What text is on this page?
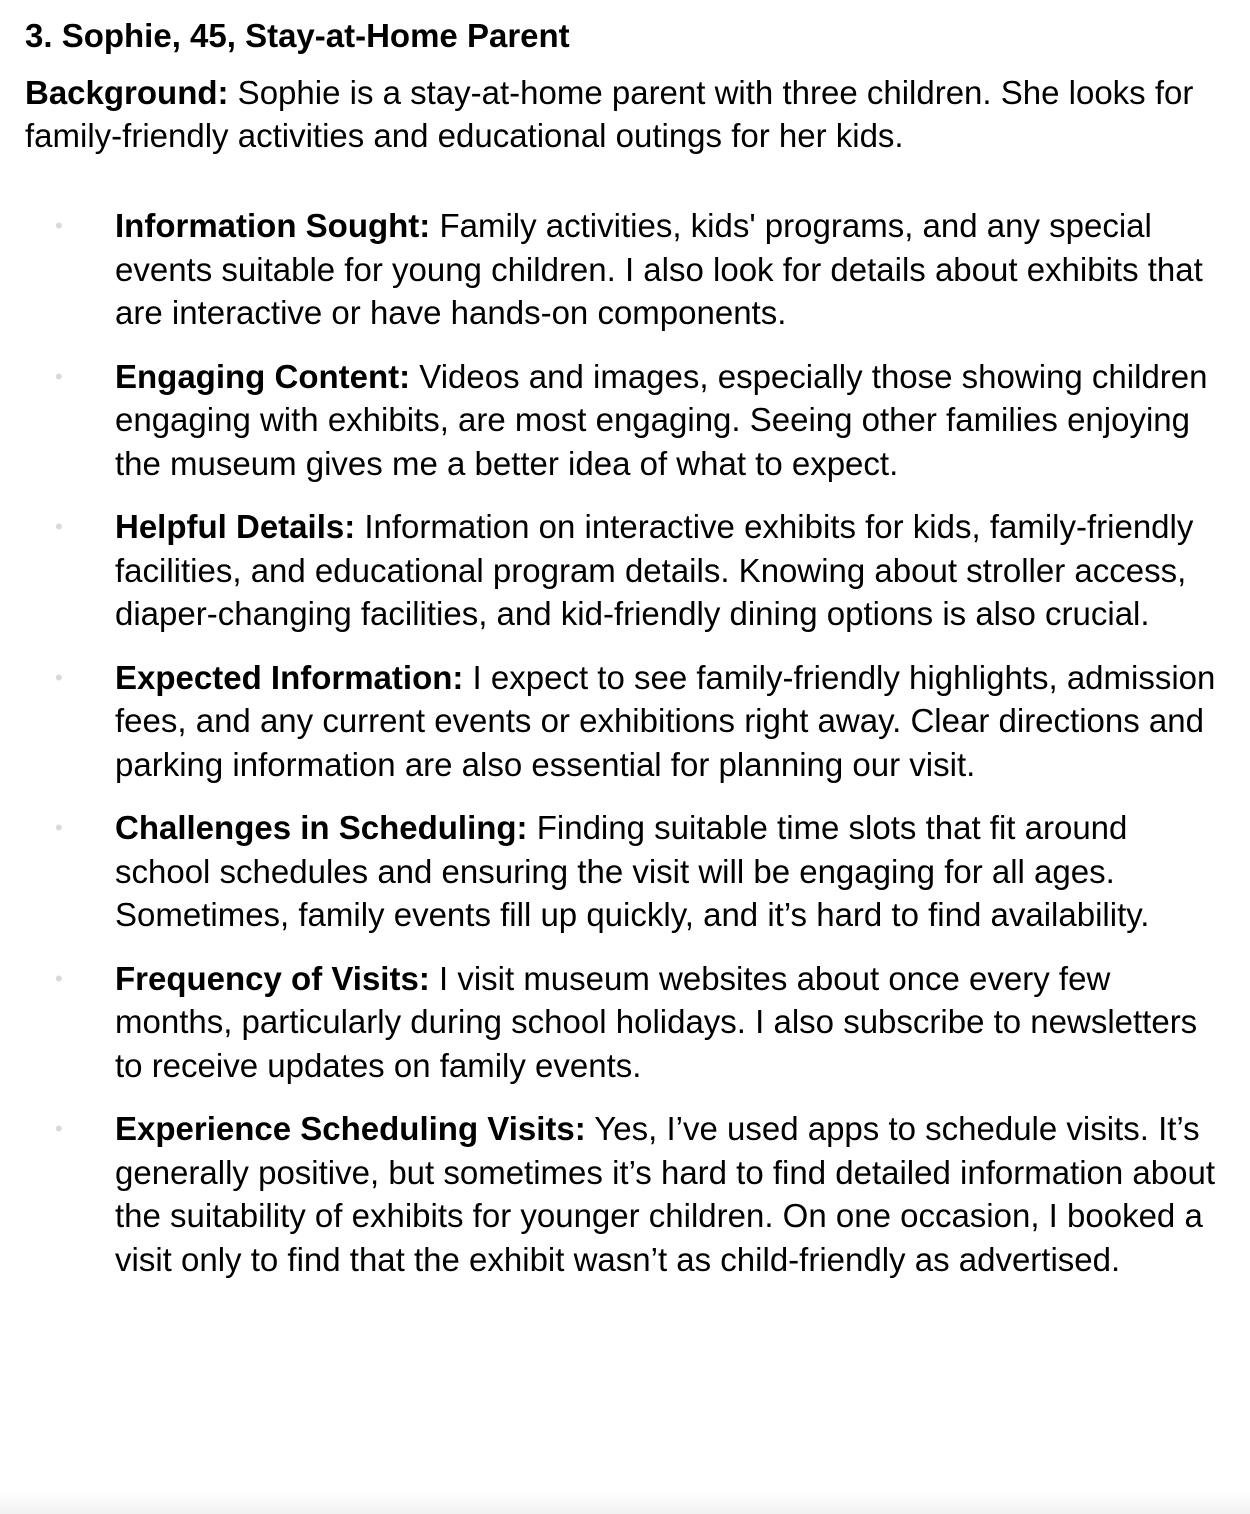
3. Sophie, 45, Stay-at-Home Parent

Background: Sophie is a stay-at-home parent with three children. She looks for family-friendly activities and educational outings for her kids.

• Information Sought: Family activities, kids' programs, and any special events suitable for young children. I also look for details about exhibits that are interactive or have hands-on components.
• Engaging Content: Videos and images, especially those showing children engaging with exhibits, are most engaging. Seeing other families enjoying the museum gives me a better idea of what to expect.
• Helpful Details: Information on interactive exhibits for kids, family-friendly facilities, and educational program details. Knowing about stroller access, diaper-changing facilities, and kid-friendly dining options is also crucial.
• Expected Information: I expect to see family-friendly highlights, admission fees, and any current events or exhibitions right away. Clear directions and parking information are also essential for planning our visit.
• Challenges in Scheduling: Finding suitable time slots that fit around school schedules and ensuring the visit will be engaging for all ages. Sometimes, family events fill up quickly, and it’s hard to find availability.
• Frequency of Visits: I visit museum websites about once every few months, particularly during school holidays. I also subscribe to newsletters to receive updates on family events.
• Experience Scheduling Visits: Yes, I’ve used apps to schedule visits. It’s generally positive, but sometimes it’s hard to find detailed information about the suitability of exhibits for younger children. On one occasion, I booked a visit only to find that the exhibit wasn’t as child-friendly as advertised.
